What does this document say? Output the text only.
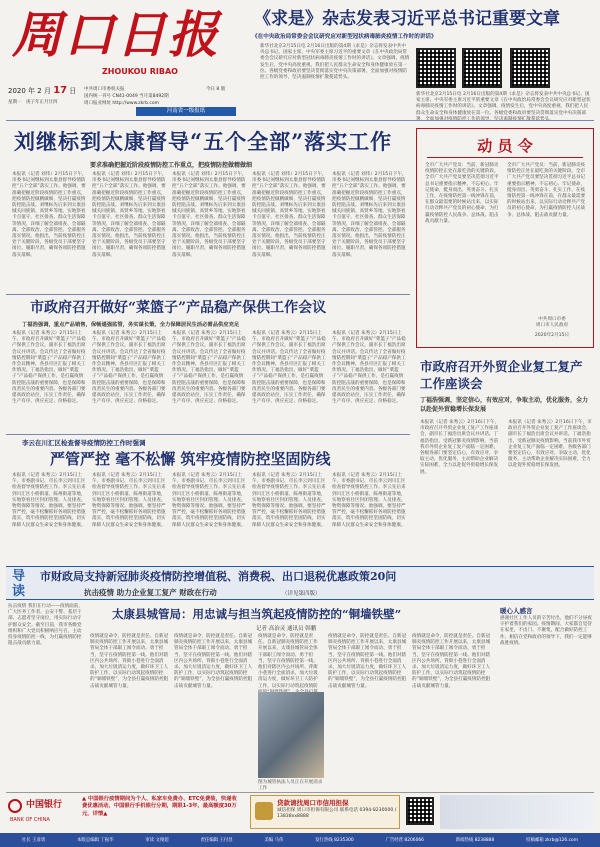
周口日报
ZHOUKOU RIBAO
2020 年 2 月 17 日
星期一　庚子年正月廿四
中共周口市委机关报	今日 8 版
国内统一刊号 CN41-0049 当月第8492期
周口报业网址 http://www.zkrb.com
河南省一级报纸
《求是》杂志发表习近平总书记重要文章
《在中央政治局常委会会议研究应对新型冠状病毒肺炎疫情工作时的讲话》
新华社北京2月15日电 2月16日出版的第4期《求是》杂志将发表中共中央总书记、国家主席、中央军委主席习近平的重要文章《在中央政治局常委会会议研究应对新型冠状病毒肺炎疫情工作时的讲话》。文章强调，疫情发生后，党中央高度重视，我们把人民群众生命安全和身体健康放在第一位。各级党委和政府要坚决贯彻落实党中央决策部署，全面加强对疫情防控工作的领导，坚决遏制疫情扩散蔓延势头。
新华社北京2月15日电 2月16日出版的第4期《求是》杂志将发表中共中央总书记、国家主席、中央军委主席习近平的重要文章《在中央政治局常委会会议研究应对新型冠状病毒肺炎疫情工作时的讲话》。文章强调，疫情发生后，党中央高度重视，我们把人民群众生命安全和身体健康放在第一位。各级党委和政府要坚决贯彻落实党中央决策部
刘继标到太康督导“五个全部”落实工作
要求准确把握近阶段疫情防控工作重点，把疫情防控做精做细
本报讯（记者 刘伟）2月15日下午，市委书记刘继标到太康县督导疫情防控“五个全部”落实工作。他强调，要准确把握近阶段疫情防控工作重点，把疫情防控做精做细，坚决打赢疫情防控阻击战。刘继标先后来到太康县城关回族镇、高贤乡等地，实地察看卡点值守、社区排查、群众生活保障等情况，详细了解全部排查、全部隔离、全部收治、全部管控、全部服务落实情况。他指出，当前疫情防控正处于关键阶段，各级党员干部要坚守岗位、履职尽责，确保各项防控措施落实落细。
本报讯（记者 刘伟）2月15日下午，市委书记刘继标到太康县督导疫情防控“五个全部”落实工作。他强调，要准确把握近阶段疫情防控工作重点，把疫情防控做精做细，坚决打赢疫情防控阻击战。刘继标先后来到太康县城关回族镇、高贤乡等地，实地察看卡点值守、社区排查、群众生活保障等情况，详细了解全部排查、全部隔离、全部收治、全部管控、全部服务落实情况。他指出，当前疫情防控正处于关键阶段，各级党员干部要坚守岗位、履职尽责，确保各项防控措施落实落细。
本报讯（记者 刘伟）2月15日下午，市委书记刘继标到太康县督导疫情防控“五个全部”落实工作。他强调，要准确把握近阶段疫情防控工作重点，把疫情防控做精做细，坚决打赢疫情防控阻击战。刘继标先后来到太康县城关回族镇、高贤乡等地，实地察看卡点值守、社区排查、群众生活保障等情况，详细了解全部排查、全部隔离、全部收治、全部管控、全部服务落实情况。他指出，当前疫情防控正处于关键阶段，各级党员干部要坚守岗位、履职尽责，确保各项防控措施落实落细。
本报讯（记者 刘伟）2月15日下午，市委书记刘继标到太康县督导疫情防控“五个全部”落实工作。他强调，要准确把握近阶段疫情防控工作重点，把疫情防控做精做细，坚决打赢疫情防控阻击战。刘继标先后来到太康县城关回族镇、高贤乡等地，实地察看卡点值守、社区排查、群众生活保障等情况，详细了解全部排查、全部隔离、全部收治、全部管控、全部服务落实情况。他指出，当前疫情防控正处于关键阶段，各级党员干部要坚守岗位、履职尽责，确保各项防控措施落实落细。
本报讯（记者 刘伟）2月15日下午，市委书记刘继标到太康县督导疫情防控“五个全部”落实工作。他强调，要准确把握近阶段疫情防控工作重点，把疫情防控做精做细，坚决打赢疫情防控阻击战。刘继标先后来到太康县城关回族镇、高贤乡等地，实地察看卡点值守、社区排查、群众生活保障等情况，详细了解全部排查、全部隔离、全部收治、全部管控、全部服务落实情况。他指出，当前疫情防控正处于关键阶段，各级党员干部要坚守岗位、履职尽责，确保各项防控措施落实落细。
动 员 令
全市广大共产党员：当前，新冠肺炎疫情防控正处在最吃劲的关键阶段。全市广大共产党员要坚决贯彻习近平总书记重要指示精神，不忘初心、牢记使命，挺身而出、英勇奋斗、扎实工作，在疫情防控第一线冲锋在前，在群众最需要的时候站出来，以实际行动诠释共产党员的初心使命，为打赢疫情防控人民战争、总体战、阻击战贡献力量。
全市广大共产党员：当前，新冠肺炎疫情防控正处在最吃劲的关键阶段。全市广大共产党员要坚决贯彻习近平总书记重要指示精神，不忘初心、牢记使命，挺身而出、英勇奋斗、扎实工作，在疫情防控第一线冲锋在前，在群众最需要的时候站出来，以实际行动诠释共产党员的初心使命，为打赢疫情防控人民战争、总体战、阻击战贡献力量。
中共周口市委
周口市人民政府
2020年2月15日
市政府召开做好“菜篮子”产品稳产保供工作会议
丁福浩强调，重点产品销售，保畅通强监管，务实谋长策，全力保障居民生活必需品供应充足
本报讯（记者 朱秀云）2月15日上午，市政府召开做好“菜篮子”产品稳产保供工作会议，副市长丁福浩出席会议并讲话。会议传达了全省做好疫情防控期间“菜篮子”产品稳产保供工作会议精神，各县市区汇报了相关工作情况。丁福浩指出，做好“菜篮子”产品稳产保供工作，是打赢疫情防控阻击战的重要保障，也是保障和改善民生的重要内容。各级各部门要提高政治站位，压实工作责任，确保生产有序、供应充足、价格稳定。
本报讯（记者 朱秀云）2月15日上午，市政府召开做好“菜篮子”产品稳产保供工作会议，副市长丁福浩出席会议并讲话。会议传达了全省做好疫情防控期间“菜篮子”产品稳产保供工作会议精神，各县市区汇报了相关工作情况。丁福浩指出，做好“菜篮子”产品稳产保供工作，是打赢疫情防控阻击战的重要保障，也是保障和改善民生的重要内容。各级各部门要提高政治站位，压实工作责任，确保生产有序、供应充足、价格稳定。
本报讯（记者 朱秀云）2月15日上午，市政府召开做好“菜篮子”产品稳产保供工作会议，副市长丁福浩出席会议并讲话。会议传达了全省做好疫情防控期间“菜篮子”产品稳产保供工作会议精神，各县市区汇报了相关工作情况。丁福浩指出，做好“菜篮子”产品稳产保供工作，是打赢疫情防控阻击战的重要保障，也是保障和改善民生的重要内容。各级各部门要提高政治站位，压实工作责任，确保生产有序、供应充足、价格稳定。
本报讯（记者 朱秀云）2月15日上午，市政府召开做好“菜篮子”产品稳产保供工作会议，副市长丁福浩出席会议并讲话。会议传达了全省做好疫情防控期间“菜篮子”产品稳产保供工作会议精神，各县市区汇报了相关工作情况。丁福浩指出，做好“菜篮子”产品稳产保供工作，是打赢疫情防控阻击战的重要保障，也是保障和改善民生的重要内容。各级各部门要提高政治站位，压实工作责任，确保生产有序、供应充足、价格稳定。
本报讯（记者 朱秀云）2月15日上午，市政府召开做好“菜篮子”产品稳产保供工作会议，副市长丁福浩出席会议并讲话。会议传达了全省做好疫情防控期间“菜篮子”产品稳产保供工作会议精神，各县市区汇报了相关工作情况。丁福浩指出，做好“菜篮子”产品稳产保供工作，是打赢疫情防控阻击战的重要保障，也是保障和改善民生的重要内容。各级各部门要提高政治站位，压实工作责任，确保生产有序、供应充足、价格稳定。
市政府召开外贸企业复工复产工作座谈会
丁福浩强调，坚定信心，有效应对，争取主动，优化服务，全力以赴促外贸稳增长保发展
本报讯（记者 朱秀云）2月16日下午，市政府召开外贸企业复工复产工作座谈会，副市长丁福浩出席会议并讲话。丁福浩指出，受新冠肺炎疫情影响，当前我市外贸企业复工复产面临一定困难，各级各部门要坚定信心，有效应对，争取主动，优化服务，主动帮助企业解决实际困难，全力以赴促外贸稳增长保发展。
本报讯（记者 朱秀云）2月16日下午，市政府召开外贸企业复工复产工作座谈会，副市长丁福浩出席会议并讲话。丁福浩指出，受新冠肺炎疫情影响，当前我市外贸企业复工复产面临一定困难，各级各部门要坚定信心，有效应对，争取主动，优化服务，主动帮助企业解决实际困难，全力以赴促外贸稳增长保发展。
李云在川汇区检查督导疫情防控工作时强调
严管严控 毫不松懈 筑牢疫情防控坚固防线
本报讯（记者 朱秀云）2月15日上午，市委副书记、市长李云到川汇区检查督导疫情防控工作。李云先后来到川汇区小桥街道、陈州街道等地，实地察看社区封闭管理、人员排查、物资保障等情况。他强调，要坚持严管严控，毫不松懈抓好各项防控措施落实，筑牢疫情防控坚固防线，切实保障人民群众生命安全和身体健康。
本报讯（记者 朱秀云）2月15日上午，市委副书记、市长李云到川汇区检查督导疫情防控工作。李云先后来到川汇区小桥街道、陈州街道等地，实地察看社区封闭管理、人员排查、物资保障等情况。他强调，要坚持严管严控，毫不松懈抓好各项防控措施落实，筑牢疫情防控坚固防线，切实保障人民群众生命安全和身体健康。
本报讯（记者 朱秀云）2月15日上午，市委副书记、市长李云到川汇区检查督导疫情防控工作。李云先后来到川汇区小桥街道、陈州街道等地，实地察看社区封闭管理、人员排查、物资保障等情况。他强调，要坚持严管严控，毫不松懈抓好各项防控措施落实，筑牢疫情防控坚固防线，切实保障人民群众生命安全和身体健康。
本报讯（记者 朱秀云）2月15日上午，市委副书记、市长李云到川汇区检查督导疫情防控工作。李云先后来到川汇区小桥街道、陈州街道等地，实地察看社区封闭管理、人员排查、物资保障等情况。他强调，要坚持严管严控，毫不松懈抓好各项防控措施落实，筑牢疫情防控坚固防线，切实保障人民群众生命安全和身体健康。
本报讯（记者 朱秀云）2月15日上午，市委副书记、市长李云到川汇区检查督导疫情防控工作。李云先后来到川汇区小桥街道、陈州街道等地，实地察看社区封闭管理、人员排查、物资保障等情况。他强调，要坚持严管严控，毫不松懈抓好各项防控措施落实，筑牢疫情防控坚固防线，切实保障人民群众生命安全和身体健康。
导读
市财政局支持新冠肺炎疫情防控增值税、消费税、出口退税优惠政策20问
抗击疫情 助力企业复工复产 财政在行动	（详见第四版）
抗击疫情 我们在行动——疫情面前，广大医务工作者、公安干警、基层干部、志愿者坚守岗位，用实际行动守护群众安全。截至目前，我市各级党组织和广大党员积极响应号召，主动投身疫情防控一线，为打赢疫情防控阻击战贡献力量。
太康县城管局：用忠诚与担当筑起疫情防控的“铜墙铁壁”
记者 高治灵 通讯员 韩鹏
疫情就是命令，防控就是责任。自新冠肺炎疫情防控工作开展以来，太康县城管局全体干部职工闻令而动、勇于担当，坚守在疫情防控第一线。他们对辖区内公共场所、背街小巷进行全面消杀，加大垃圾清运力度，做好环卫工人防护工作，以实际行动筑起疫情防控的“铜墙铁壁”，为全县打赢疫情防控阻击战贡献城管力量。
疫情就是命令，防控就是责任。自新冠肺炎疫情防控工作开展以来，太康县城管局全体干部职工闻令而动、勇于担当，坚守在疫情防控第一线。他们对辖区内公共场所、背街小巷进行全面消杀，加大垃圾清运力度，做好环卫工人防护工作，以实际行动筑起疫情防控的“铜墙铁壁”，为全县打赢疫情防控阻击战贡献城管力量。
疫情就是命令，防控就是责任。自新冠肺炎疫情防控工作开展以来，太康县城管局全体干部职工闻令而动、勇于担当，坚守在疫情防控第一线。他们对辖区内公共场所、背街小巷进行全面消杀，加大垃圾清运力度，做好环卫工人防护工作，以实际行动筑起疫情防
图为城管执法人员正在开展消杀工作
疫情就是命令，防控就是责任。自新冠肺炎疫情防控工作开展以来，太康县城管局全体干部职工闻令而动、勇于担当，坚守在疫情防控第一线。他们对辖区内公共场所、背街小巷进行全面消杀，加大垃圾清运力度，做好环卫工人防护工作，以实际行动筑起疫情防控的“铜墙铁壁”，为全县打赢疫情防控阻击战贡献城管力量。
疫情就是命令，防控就是责任。自新冠肺炎疫情防控工作开展以来，太康县城管局全体干部职工闻令而动、勇于担当，坚守在疫情防控第一线。他们对辖区内公共场所、背街小巷进行全面消杀，加大垃圾清运力度，做好环卫工人防护工作，以实际行动筑起疫情防控的“铜墙铁壁”，为全县打赢疫情防控阻击战贡献城管力量。
暖心人感言
感谢社区工作人员的辛苦付出，他们不分昼夜守护着我们的家园。疫情期间，大家都自觉待在家里，不出门、不聚集，配合做好防控工作，相信在党和政府的领导下，我们一定能够战胜疫情。
中国银行
BANK OF CHINA
▲ 中国银行疫情期间为个人、私家车免费办、ETC免费装，快递收费优惠活动，中国银行手机银行分期，期限1-3年，最高额度30万元，详情▲
贷款请找周口市信用担保
诚信担保 周口市担保有限公司 联系电话 0394-8230000 / 13838xx8888
社长 王彦勇	本版总编辑 丁振华	审读 文俊超	责任编辑 王付昌	美编 马伟	发行热线 8235300	广告经营 8206066	新闻热线 8238888	投稿邮箱 zkrb@126.com
